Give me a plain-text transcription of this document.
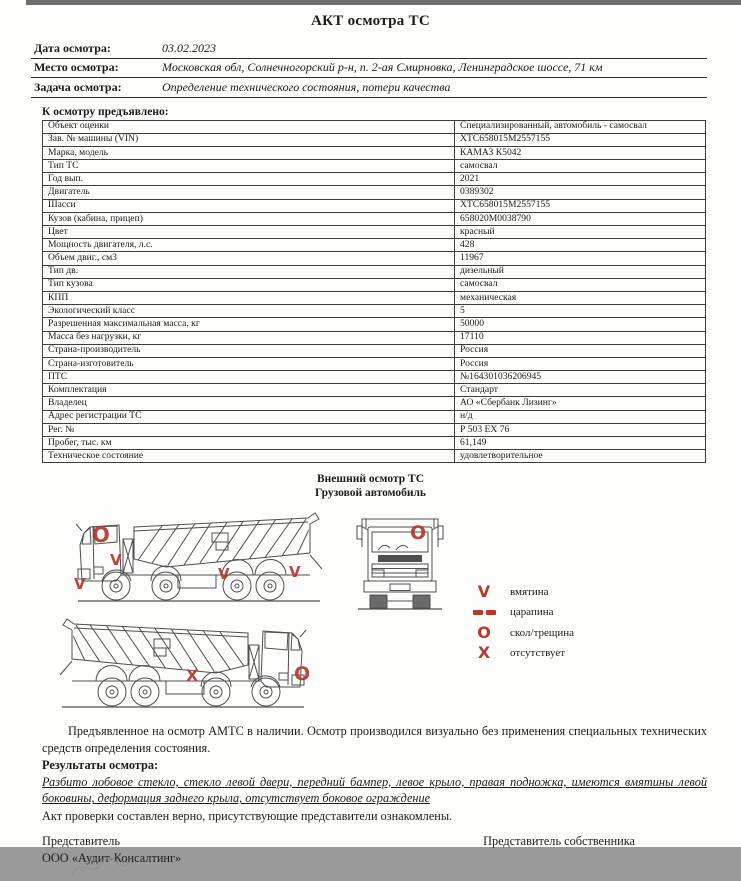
АКТ осмотра ТС
Дата осмотра:	03.02.2023
Место осмотра:	Московская обл, Солнечногорский р-н, п. 2-ая Смирновка, Ленинградское шоссе, 71 км
Задача осмотра:	Определение технического состояния, потери качества
К осмотру предъявлено:
Объект оценки	Специализированный, автомобиль - самосвал
Зав. № машины (VIN)	XTC658015M2557155
Марка, модель	КАМАЗ К5042
Тип ТС	самосвал
Год вып.	2021
Двигатель	0389302
Шасси	XTC658015M2557155
Кузов (кабина, прицеп)	658020M0038790
Цвет	красный
Мощность двигателя, л.с.	428
Объем двиг., см3	11967
Тип дв.	дизельный
Тип кузова	самосвал
КПП	механическая
Экологический класс	5
Разрешенная максимальная масса, кг	50000
Масса без нагрузки, кг	17110
Страна-производитель	Россия
Страна-изготовитель	Россия
ПТС	№164301036206945
Комплектация	Стандарт
Владелец	АО «Сбербанк Лизинг»
Адрес регистрации ТС	н/д
Рег. №	Р 503 ЕХ 76
Пробег, тыс. км	61,149
Техническое состояние	удовлетворительное
Внешний осмотр ТС
Грузовой автомобиль
КАМАЗ
V	вмятина
царапина
O	скол/трещина
X	отсутствует
O
V
V
V	V
O
X	O
Предъявленное на осмотр АМТС в наличии. Осмотр производился визуально без применения специальных технических средств определения состояния.
Результаты осмотра:
Разбито лобовое стекло, стекло левой двери, передний бампер, левое крыло, правая подножка, имеются вмятины левой боковины, деформация заднего крыла, отсутствует боковое ограждение
Акт проверки составлен верно, присутствующие представители ознакомлены.
Представитель
ООО «Аудит-Консалтинг»
Представитель собственника
